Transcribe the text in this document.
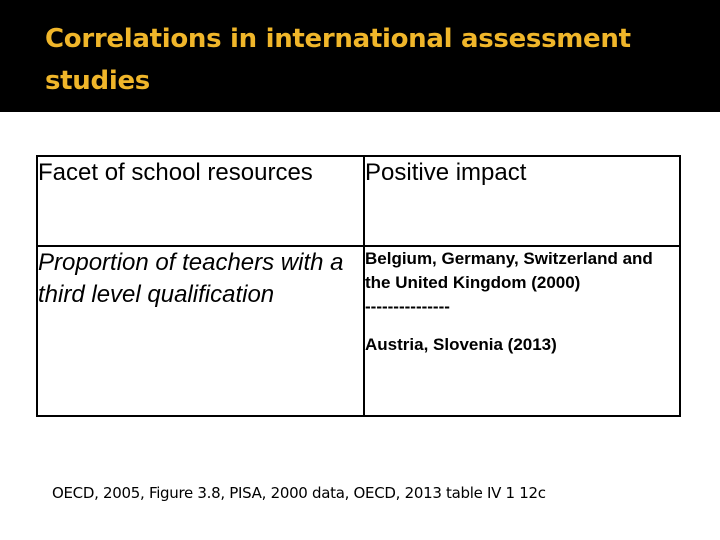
Correlations in international assessment studies
Facet of school resources	Positive impact

Proportion of teachers with a third level qualification	Belgium, Germany, Switzerland and the United Kingdom (2000)
---------------
Austria, Slovenia (2013)

OECD, 2005, Figure 3.8, PISA, 2000 data, OECD, 2013 table IV 1 12c
